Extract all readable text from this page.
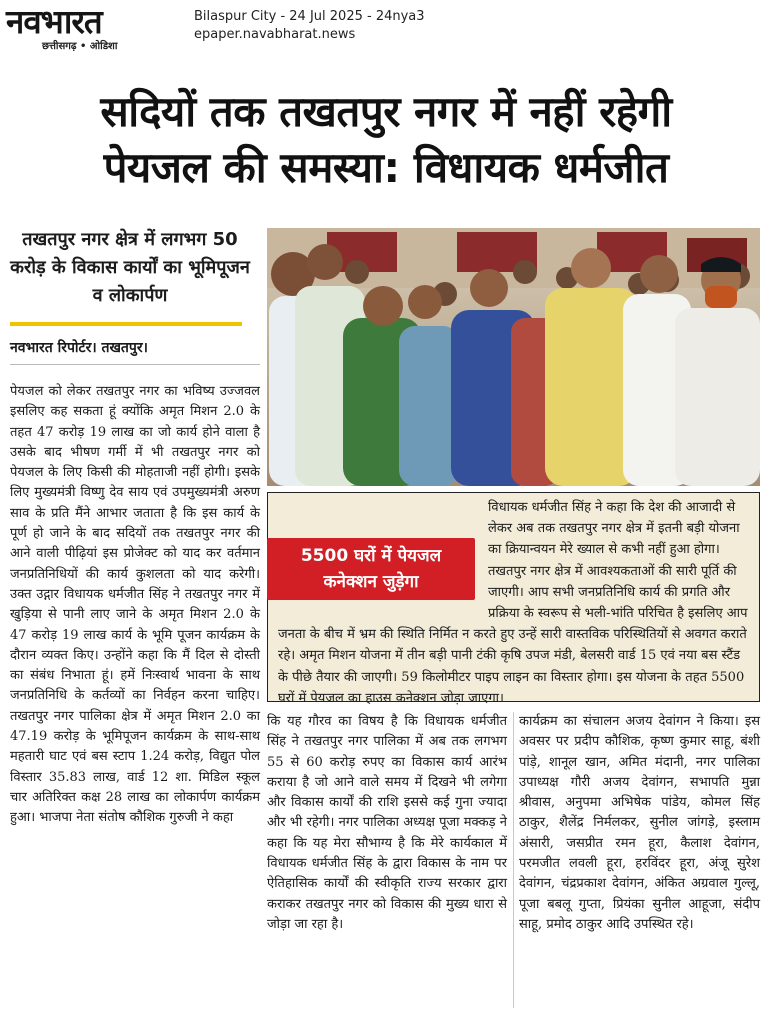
नवभारत
छत्तीसगढ़ • ओडिशा
Bilaspur City - 24 Jul 2025 - 24nya3
epaper.navabharat.news
सदियों तक तखतपुर नगर में नहीं रहेगी
पेयजल की समस्या: विधायक धर्मजीत
तखतपुर नगर क्षेत्र में लगभग 50 करोड़ के विकास कार्यों का भूमिपूजन व लोकार्पण
नवभारत रिपोर्टर। तखतपुर।
पेयजल को लेकर तखतपुर नगर का भविष्य उज्जवल इसलिए कह सकता हूं क्योंकि अमृत मिशन 2.0 के तहत 47 करोड़ 19 लाख का जो कार्य होने वाला है उसके बाद भीषण गर्मी में भी तखतपुर नगर को पेयजल के लिए किसी की मोहताजी नहीं होगी। इसके लिए मुख्यमंत्री विष्णु देव साय एवं उपमुख्यमंत्री अरुण साव के प्रति मैंने आभार जताता है कि इस कार्य के पूर्ण हो जाने के बाद सदियों तक तखतपुर नगर की आने वाली पीढ़ियां इस प्रोजेक्ट को याद कर वर्तमान जनप्रतिनिधियों की कार्य कुशलता को याद करेगी। उक्त उद्गार विधायक धर्मजीत सिंह ने तखतपुर नगर में खुड़िया से पानी लाए जाने के अमृत मिशन 2.0 के 47 करोड़ 19 लाख कार्य के भूमि पूजन कार्यक्रम के दौरान व्यक्त किए। उन्होंने कहा कि मैं दिल से दोस्ती का संबंध निभाता हूं। हमें निःस्वार्थ भावना के साथ जनप्रतिनिधि के कर्तव्यों का निर्वहन करना चाहिए। तखतपुर नगर पालिका क्षेत्र में अमृत मिशन 2.0 का 47.19 करोड़ के भूमिपूजन कार्यक्रम के साथ-साथ महतारी घाट एवं बस स्टाप 1.24 करोड़, विद्युत पोल विस्तार 35.83 लाख, वार्ड 12 शा. मिडिल स्कूल चार अतिरिक्त कक्ष 28 लाख का लोकार्पण कार्यक्रम हुआ। भाजपा नेता संतोष कौशिक गुरुजी ने कहा
विधायक धर्मजीत सिंह ने कहा कि देश की आजादी से लेकर अब तक तखतपुर नगर क्षेत्र में इतनी बड़ी योजना का क्रियान्वयन मेरे ख्याल से कभी नहीं हुआ होगा। तखतपुर नगर क्षेत्र में आवश्यकताओं की सारी पूर्ति की जाएगी। आप सभी जनप्रतिनिधि कार्य की प्रगति और प्रक्रिया के स्वरूप से भली-भांति परिचित है इसलिए आप जनता के बीच में भ्रम की स्थिति निर्मित न करते हुए उन्हें सारी वास्तविक परिस्थितियों से अवगत कराते रहे। अमृत मिशन योजना में तीन बड़ी पानी टंकी कृषि उपज मंडी, बेलसरी वार्ड 15 एवं नया बस स्टैंड के पीछे तैयार की जाएगी। 59 किलोमीटर पाइप लाइन का विस्तार होगा। इस योजना के तहत 5500 घरों में पेयजल का हाउस कनेक्शन जोड़ा जाएगा।
5500 घरों में पेयजल
कनेक्शन जुड़ेगा
कि यह गौरव का विषय है कि विधायक धर्मजीत सिंह ने तखतपुर नगर पालिका में अब तक लगभग 55 से 60 करोड़ रुपए का विकास कार्य आरंभ कराया है जो आने वाले समय में दिखने भी लगेगा और विकास कार्यों की राशि इससे कई गुना ज्यादा और भी रहेगी। नगर पालिका अध्यक्ष पूजा मक्कड़ ने कहा कि यह मेरा सौभाग्य है कि मेरे कार्यकाल में विधायक धर्मजीत सिंह के द्वारा विकास के नाम पर ऐतिहासिक कार्यों की स्वीकृति राज्य सरकार द्वारा कराकर तखतपुर नगर को विकास की मुख्य धारा से जोड़ा जा रहा है।
कार्यक्रम का संचालन अजय देवांगन ने किया। इस अवसर पर प्रदीप कौशिक, कृष्ण कुमार साहू, बंशी पांड़े, शानूल खान, अमित मंदानी, नगर पालिका उपाध्यक्ष गौरी अजय देवांगन, सभापति मुन्ना श्रीवास, अनुपमा अभिषेक पांडेय, कोमल सिंह ठाकुर, शैलेंद्र निर्मलकर, सुनील जांगड़े, इस्लाम अंसारी, जसप्रीत रमन हूरा, कैलाश देवांगन, परमजीत लवली हूरा, हरविंदर हूरा, अंजू सुरेश देवांगन, चंद्रप्रकाश देवांगन, अंकित अग्रवाल गुल्लू, पूजा बबलू गुप्ता, प्रियंका सुनील आहूजा, संदीप साहू, प्रमोद ठाकुर आदि उपस्थित रहे।
